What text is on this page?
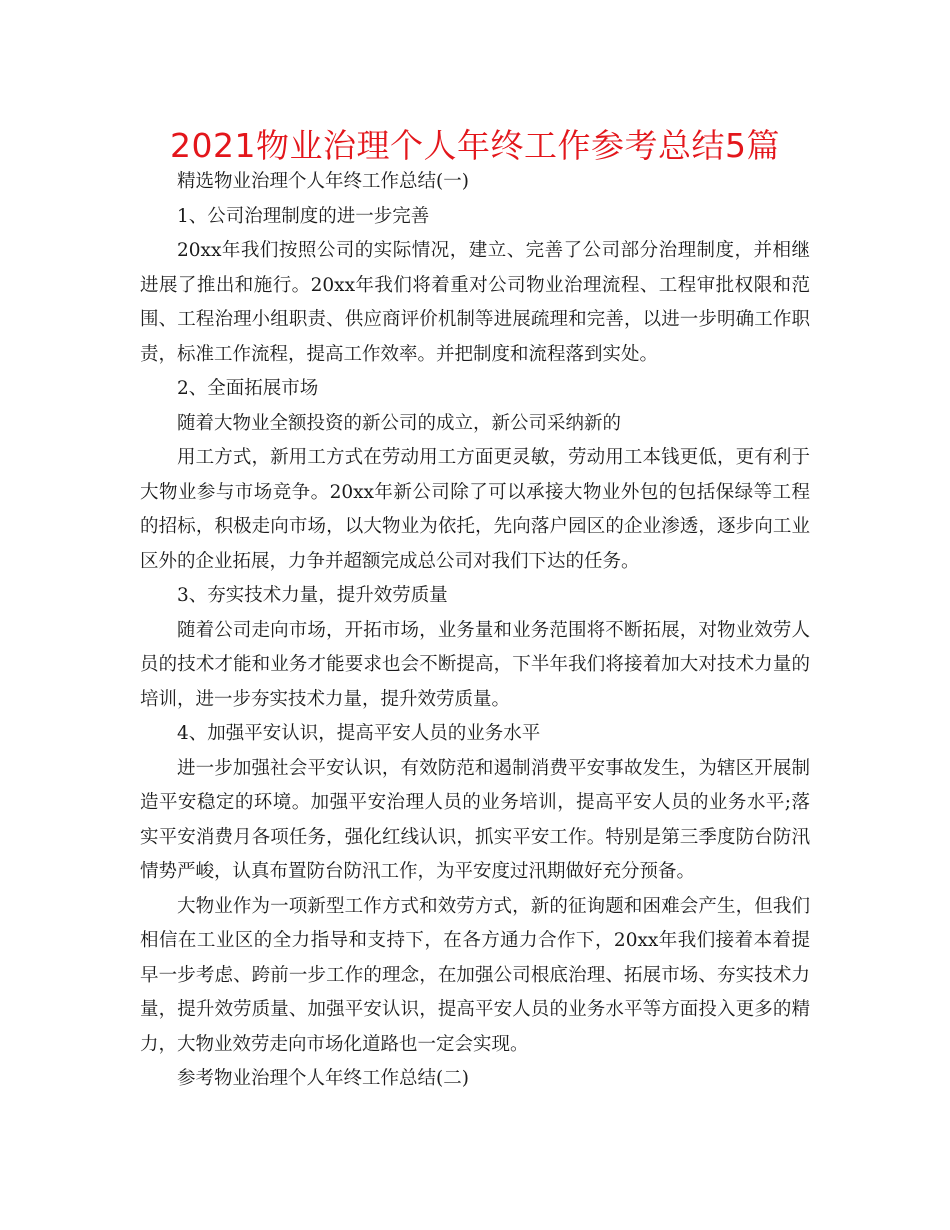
2021物业治理个人年终工作参考总结5篇

精选物业治理个人年终工作总结(一)

1、公司治理制度的进一步完善

20xx年我们按照公司的实际情况，建立、完善了公司部分治理制度，并相继进展了推出和施行。20xx年我们将着重对公司物业治理流程、工程审批权限和范围、工程治理小组职责、供应商评价机制等进展疏理和完善，以进一步明确工作职责，标准工作流程，提高工作效率。并把制度和流程落到实处。

2、全面拓展市场

随着大物业全额投资的新公司的成立，新公司采纳新的

用工方式，新用工方式在劳动用工方面更灵敏，劳动用工本钱更低，更有利于大物业参与市场竞争。20xx年新公司除了可以承接大物业外包的包括保绿等工程的招标，积极走向市场，以大物业为依托，先向落户园区的企业渗透，逐步向工业区外的企业拓展，力争并超额完成总公司对我们下达的任务。

3、夯实技术力量，提升效劳质量

随着公司走向市场，开拓市场，业务量和业务范围将不断拓展，对物业效劳人员的技术才能和业务才能要求也会不断提高，下半年我们将接着加大对技术力量的培训，进一步夯实技术力量，提升效劳质量。

4、加强平安认识，提高平安人员的业务水平

进一步加强社会平安认识，有效防范和遏制消费平安事故发生，为辖区开展制造平安稳定的环境。加强平安治理人员的业务培训，提高平安人员的业务水平;落实平安消费月各项任务，强化红线认识，抓实平安工作。特别是第三季度防台防汛情势严峻，认真布置防台防汛工作，为平安度过汛期做好充分预备。

大物业作为一项新型工作方式和效劳方式，新的征询题和困难会产生，但我们相信在工业区的全力指导和支持下，在各方通力合作下，20xx年我们接着本着提早一步考虑、跨前一步工作的理念，在加强公司根底治理、拓展市场、夯实技术力量，提升效劳质量、加强平安认识，提高平安人员的业务水平等方面投入更多的精力，大物业效劳走向市场化道路也一定会实现。

参考物业治理个人年终工作总结(二)
